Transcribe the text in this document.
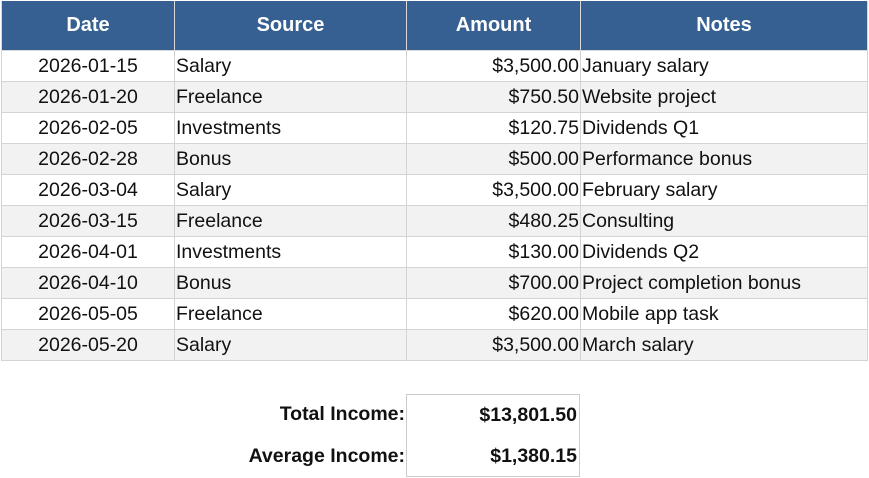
Date	Source	Amount	Notes
2026-01-15	Salary	$3,500.00	January salary
2026-01-20	Freelance	$750.50	Website project
2026-02-05	Investments	$120.75	Dividends Q1
2026-02-28	Bonus	$500.00	Performance bonus
2026-03-04	Salary	$3,500.00	February salary
2026-03-15	Freelance	$480.25	Consulting
2026-04-01	Investments	$130.00	Dividends Q2
2026-04-10	Bonus	$700.00	Project completion bonus
2026-05-05	Freelance	$620.00	Mobile app task
2026-05-20	Salary	$3,500.00	March salary
Total Income:	$13,801.50
Average Income:	$1,380.15
